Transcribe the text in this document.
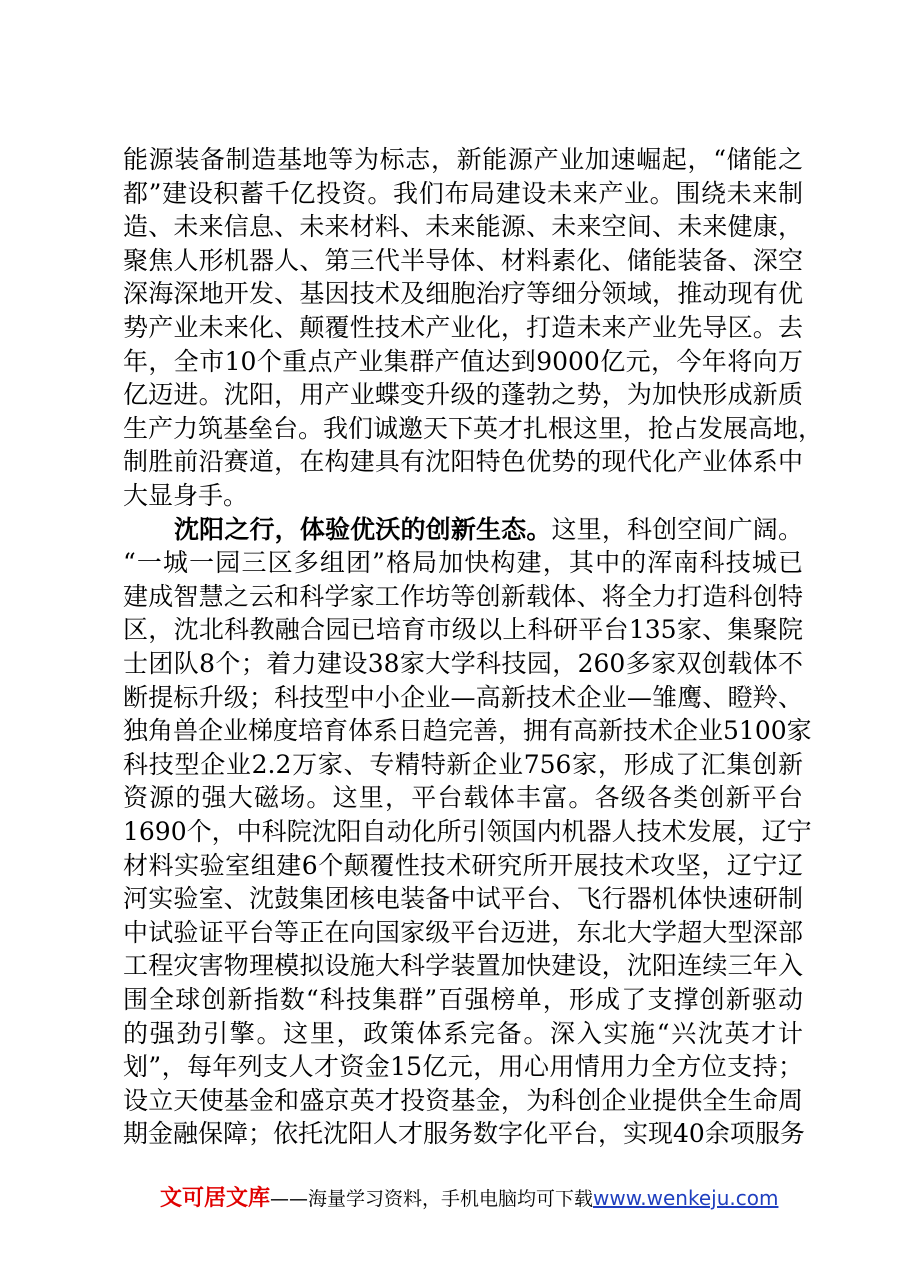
能源装备制造基地等为标志，新能源产业加速崛起，“储能之
都”建设积蓄千亿投资。我们布局建设未来产业。围绕未来制
造、未来信息、未来材料、未来能源、未来空间、未来健康，
聚焦人形机器人、第三代半导体、材料素化、储能装备、深空
深海深地开发、基因技术及细胞治疗等细分领域，推动现有优
势产业未来化、颠覆性技术产业化，打造未来产业先导区。去
年，全市10个重点产业集群产值达到9000亿元，今年将向万
亿迈进。沈阳，用产业蝶变升级的蓬勃之势，为加快形成新质
生产力筑基垒台。我们诚邀天下英才扎根这里，抢占发展高地，
制胜前沿赛道，在构建具有沈阳特色优势的现代化产业体系中
大显身手。
沈阳之行，体验优沃的创新生态。这里，科创空间广阔。
“一城一园三区多组团”格局加快构建，其中的浑南科技城已
建成智慧之云和科学家工作坊等创新载体、将全力打造科创特
区，沈北科教融合园已培育市级以上科研平台135家、集聚院
士团队8个；着力建设38家大学科技园，260多家双创载体不
断提标升级；科技型中小企业—高新技术企业—雏鹰、瞪羚、
独角兽企业梯度培育体系日趋完善，拥有高新技术企业5100家
科技型企业2.2万家、专精特新企业756家，形成了汇集创新
资源的强大磁场。这里，平台载体丰富。各级各类创新平台
1690个，中科院沈阳自动化所引领国内机器人技术发展，辽宁
材料实验室组建6个颠覆性技术研究所开展技术攻坚，辽宁辽
河实验室、沈鼓集团核电装备中试平台、飞行器机体快速研制
中试验证平台等正在向国家级平台迈进，东北大学超大型深部
工程灾害物理模拟设施大科学装置加快建设，沈阳连续三年入
围全球创新指数“科技集群”百强榜单，形成了支撑创新驱动
的强劲引擎。这里，政策体系完备。深入实施“兴沈英才计
划”，每年列支人才资金15亿元，用心用情用力全方位支持；
设立天使基金和盛京英才投资基金，为科创企业提供全生命周
期金融保障；依托沈阳人才服务数字化平台，实现40余项服务
文可居文库——海量学习资料，手机电脑均可下载www.wenkeju.com
